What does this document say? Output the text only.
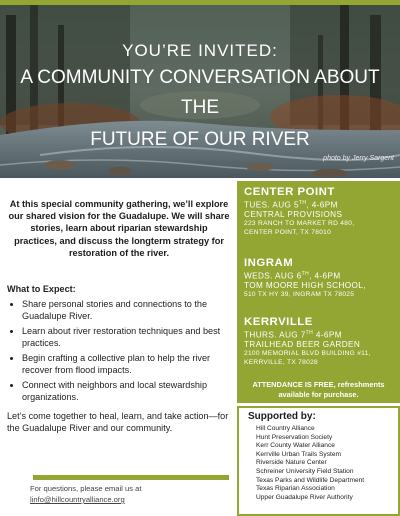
YOU’RE INVITED:
A COMMUNITY CONVERSATION ABOUT THE
FUTURE OF OUR RIVER
photo by Jerry Sargent
At this special community gathering, we’ll explore our shared vision for the Guadalupe. We will share stories, learn about riparian stewardship practices, and discuss the longterm strategy for restoration of the river.
What to Expect:
• Share personal stories and connections to the Guadalupe River.
• Learn about river restoration techniques and best practices.
• Begin crafting a collective plan to help the river recover from flood impacts.
• Connect with neighbors and local stewardship organizations.
Let’s come together to heal, learn, and take action—for the Guadalupe River and our community.
For questions, please email us at
linfo@hillcountryalliance.org
CENTER POINT
TUES. AUG 5TH, 4-6PM
CENTRAL PROVISIONS
223 RANCH TO MARKET RD 480,
CENTER POINT, TX 78010
INGRAM
WEDS. AUG 6TH, 4-6PM
TOM MOORE HIGH SCHOOL,
510 TX HY 39, INGRAM TX 78025
KERRVILLE
THURS. AUG 7TH 4-6PM
TRAILHEAD BEER GARDEN
2100 MEMORIAL BLVD BUILDING #11,
KERRVILLE, TX 78028
ATTENDANCE IS FREE, refreshments available for purchase.
Supported by:
Hill Country Alliance
Hunt Preservation Society
Kerr County Water Alliance
Kerrville Urban Trails System
Riverside Nature Center
Schreiner University Field Station
Texas Parks and Wildlife Department
Texas Riparian Association
Upper Guadalupe River Authority
